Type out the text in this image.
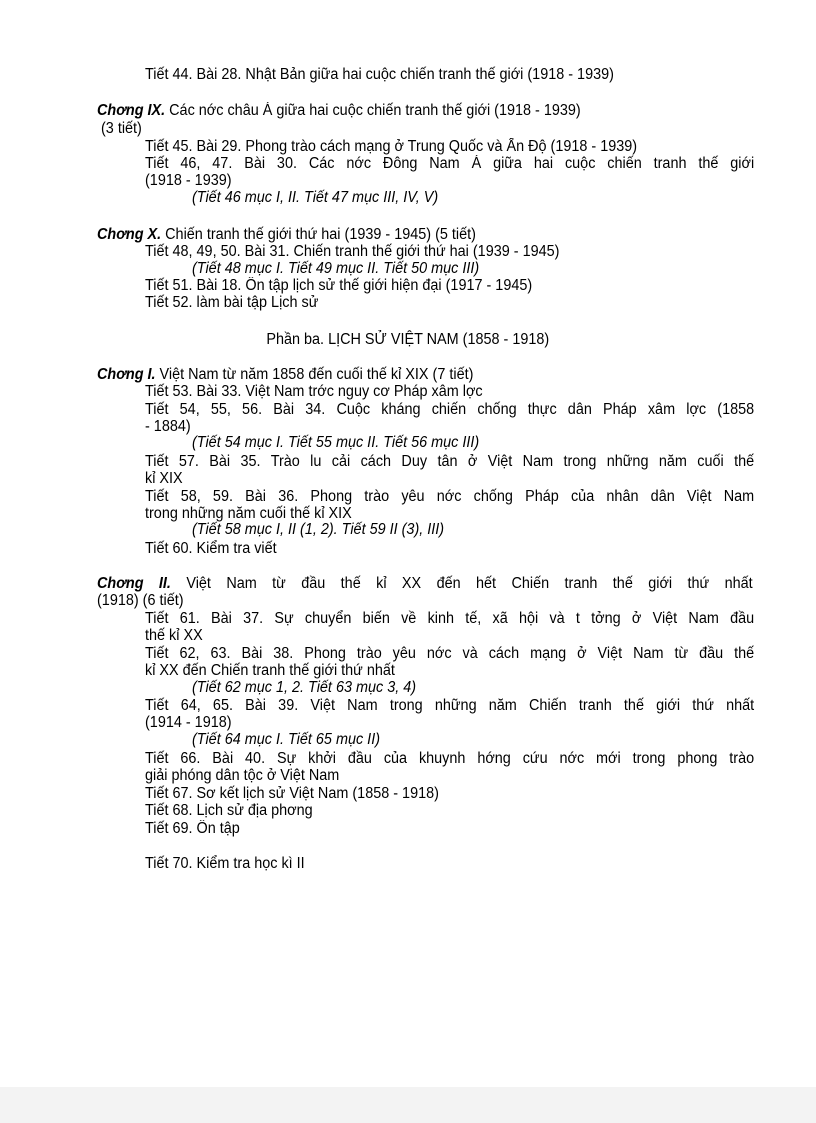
Tiết 44. Bài 28. Nhật Bản giữa hai cuộc chiến tranh thế giới (1918 - 1939)
Chơng IX. Các nớc châu Á giữa hai cuộc chiến tranh thế giới (1918 - 1939)
(3 tiết)
Tiết 45. Bài 29. Phong trào cách mạng ở Trung Quốc và Ấn Độ (1918 - 1939)
Tiết 46, 47. Bài 30. Các nớc Đông Nam Á giữa hai cuộc chiến tranh thế giới
(1918 - 1939)
(Tiết 46 mục I, II. Tiết 47 mục III, IV, V)
Chơng X. Chiến tranh thế giới thứ hai (1939 - 1945) (5 tiết)
Tiết 48, 49, 50. Bài 31. Chiến tranh thế giới thứ hai (1939 - 1945)
(Tiết 48 mục I. Tiết 49 mục II. Tiết 50 mục III)
Tiết 51. Bài 18. Ôn tập lịch sử thế giới hiện đại (1917 - 1945)
Tiết 52. làm bài tập Lịch sử
Phần ba. LỊCH SỬ VIỆT NAM (1858 - 1918)
Chơng I. Việt Nam từ năm 1858 đến cuối thế kỉ XIX (7 tiết)
Tiết 53. Bài 33. Việt Nam trớc nguy cơ Pháp xâm lợc
Tiết 54, 55, 56. Bài 34. Cuộc kháng chiến chống thực dân Pháp xâm lợc (1858
- 1884)
(Tiết 54 mục I. Tiết 55 mục II. Tiết 56 mục III)
Tiết 57. Bài 35. Trào lu cải cách Duy tân ở Việt Nam trong những năm cuối thế
kỉ XIX
Tiết 58, 59. Bài 36. Phong trào yêu nớc chống Pháp của nhân dân Việt Nam
trong những năm cuối thế kỉ XIX
(Tiết 58 mục I, II (1, 2). Tiết 59 II (3), III)
Tiết 60. Kiểm tra viết
Chơng II. Việt Nam từ đầu thế kỉ XX đến hết Chiến tranh thế giới thứ nhất
(1918) (6 tiết)
Tiết 61. Bài 37. Sự chuyển biến về kinh tế, xã hội và t tởng ở Việt Nam đầu
thế kỉ XX
Tiết 62, 63. Bài 38. Phong trào yêu nớc và cách mạng ở Việt Nam từ đầu thế
kỉ XX đến Chiến tranh thế giới thứ nhất
(Tiết 62 mục 1, 2. Tiết 63 mục 3, 4)
Tiết 64, 65. Bài 39. Việt Nam trong những năm Chiến tranh thế giới thứ nhất
(1914 - 1918)
(Tiết 64 mục I. Tiết 65 mục II)
Tiết 66. Bài 40. Sự khởi đầu của khuynh hớng cứu nớc mới trong phong trào
giải phóng dân tộc ở Việt Nam
Tiết 67. Sơ kết lịch sử Việt Nam (1858 - 1918)
Tiết 68. Lịch sử địa phơng
Tiết 69. Ôn tập
Tiết 70. Kiểm tra học kì II
